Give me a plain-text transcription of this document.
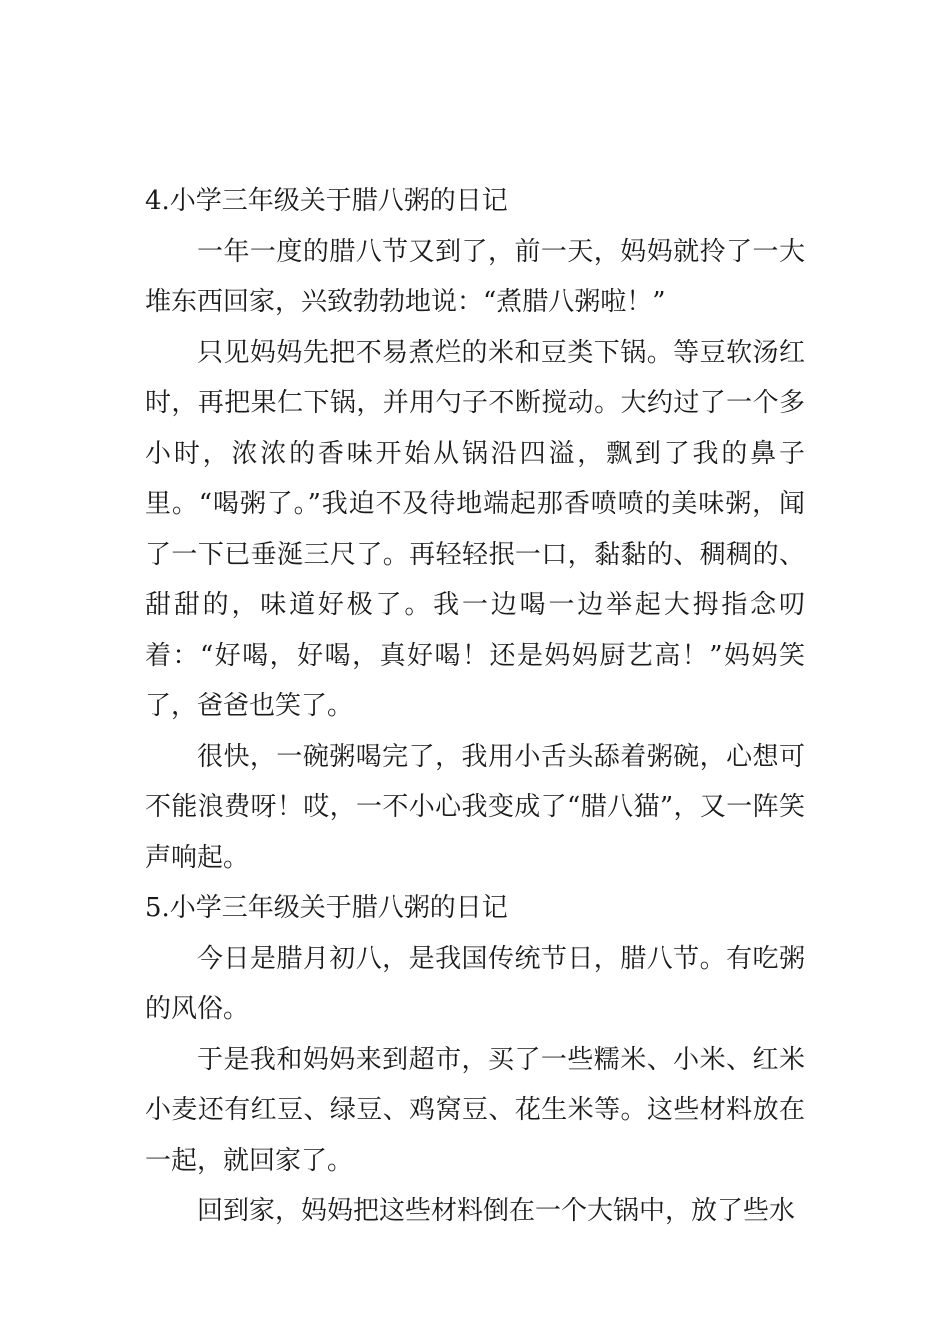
4.小学三年级关于腊八粥的日记

一年一度的腊八节又到了，前一天，妈妈就拎了一大堆东西回家，兴致勃勃地说：“煮腊八粥啦！”

只见妈妈先把不易煮烂的米和豆类下锅。等豆软汤红时，再把果仁下锅，并用勺子不断搅动。大约过了一个多小时，浓浓的香味开始从锅沿四溢，飘到了我的鼻子里。“喝粥了。”我迫不及待地端起那香喷喷的美味粥，闻了一下已垂涎三尺了。再轻轻抿一口，黏黏的、稠稠的、甜甜的，味道好极了。我一边喝一边举起大拇指念叨着：“好喝，好喝，真好喝！还是妈妈厨艺高！”妈妈笑了，爸爸也笑了。

很快，一碗粥喝完了，我用小舌头舔着粥碗，心想可不能浪费呀！哎，一不小心我变成了“腊八猫”，又一阵笑声响起。

5.小学三年级关于腊八粥的日记

今日是腊月初八，是我国传统节日，腊八节。有吃粥的风俗。

于是我和妈妈来到超市，买了一些糯米、小米、红米小麦还有红豆、绿豆、鸡窝豆、花生米等。这些材料放在一起，就回家了。

回到家，妈妈把这些材料倒在一个大锅中，放了些水
